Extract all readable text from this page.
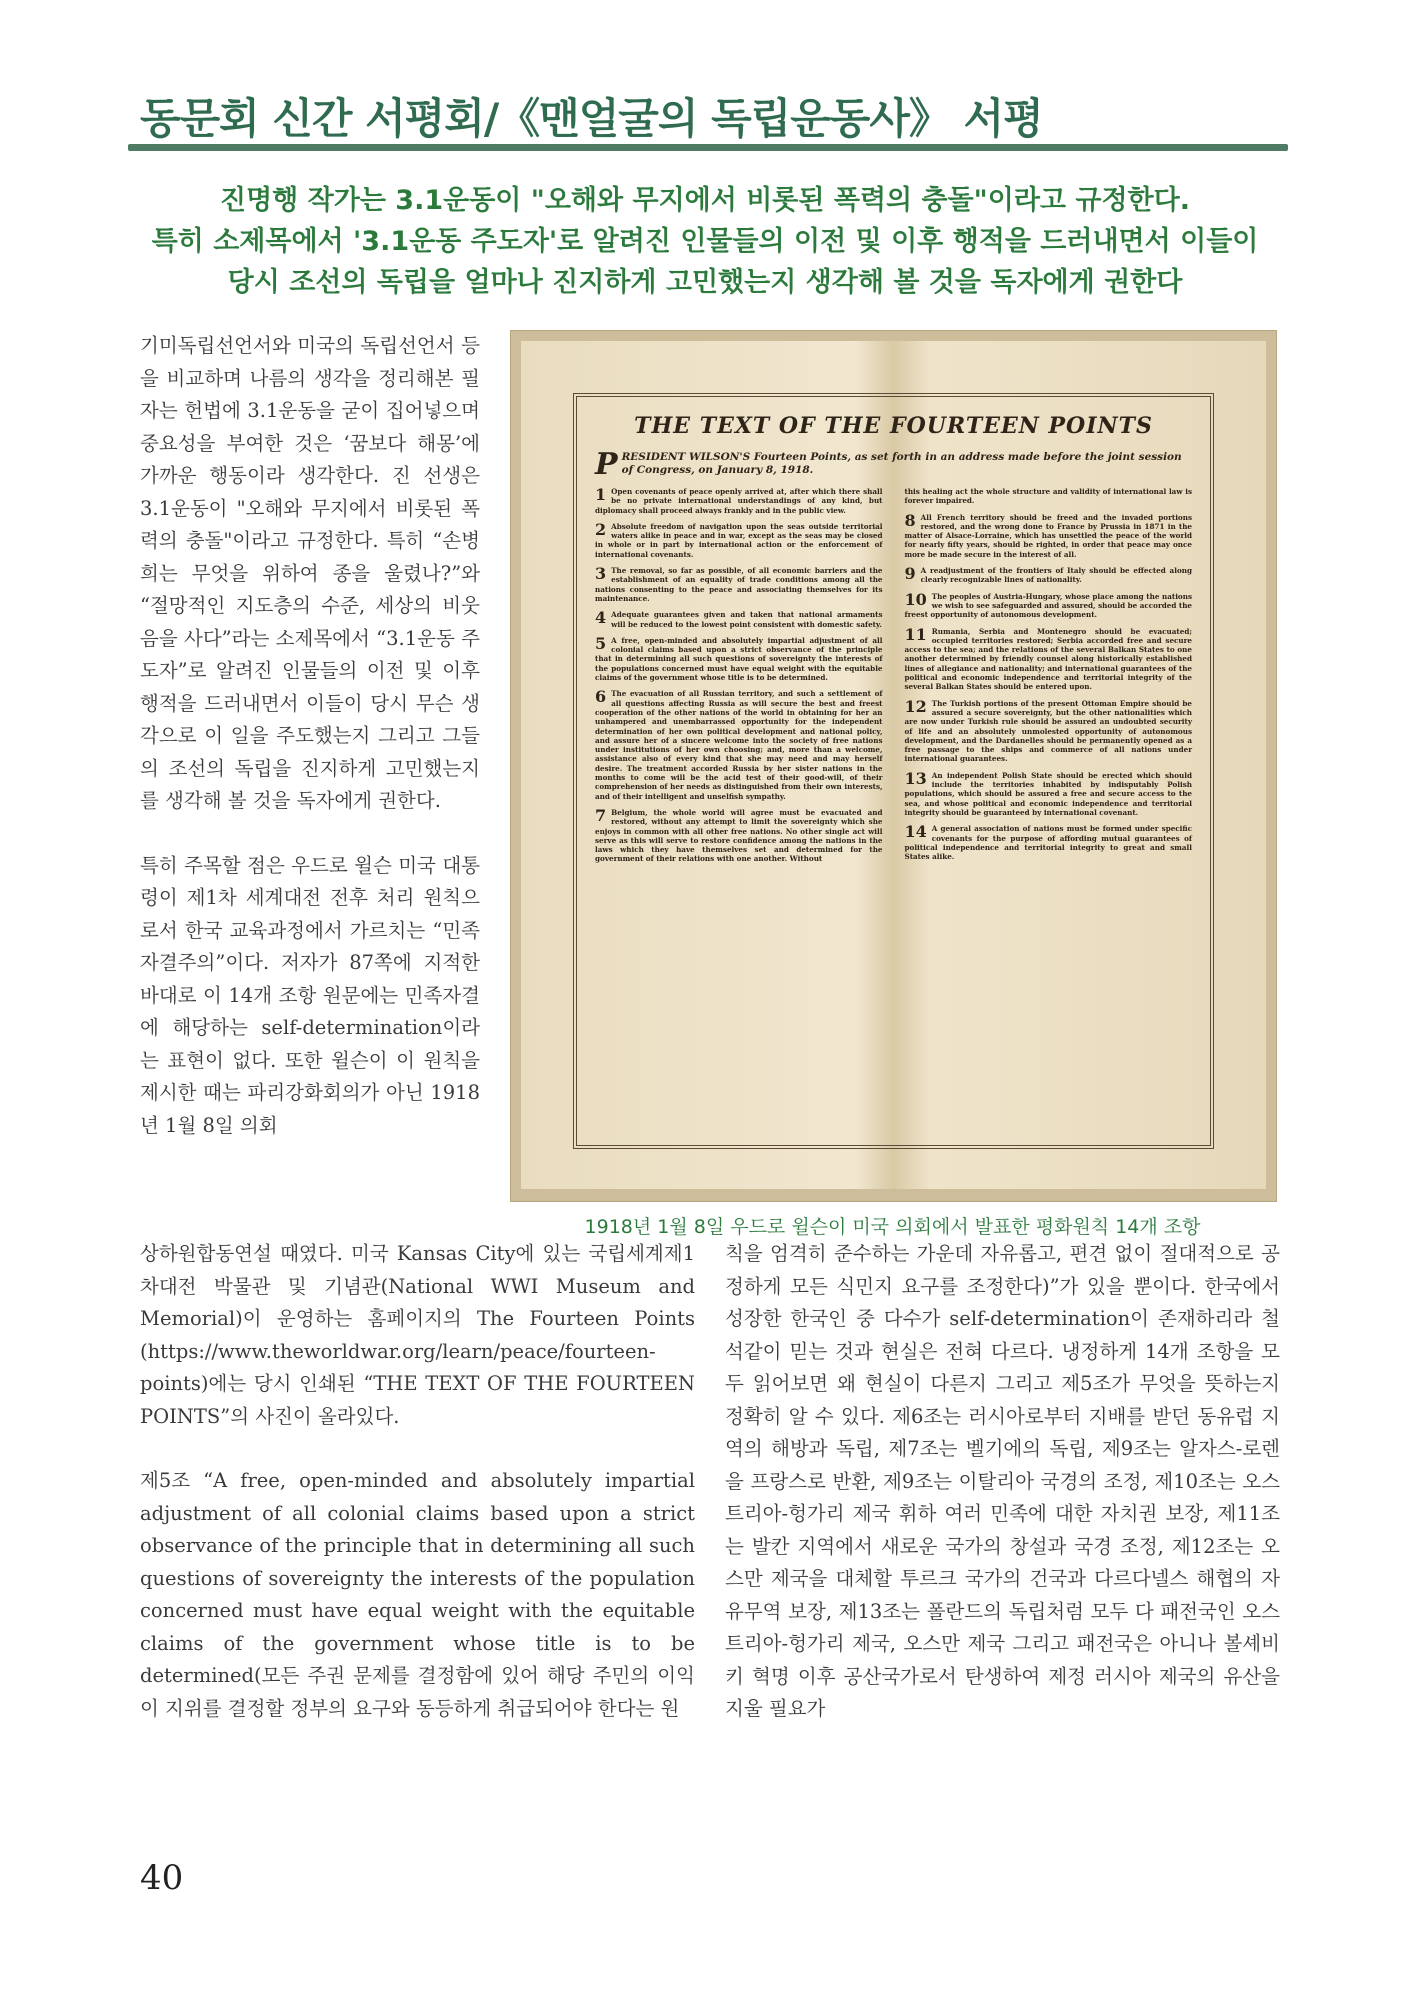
동문회 신간 서평회/《맨얼굴의 독립운동사》 서평
진명행 작가는 3.1운동이 "오해와 무지에서 비롯된 폭력의 충돌"이라고 규정한다.
특히 소제목에서 '3.1운동 주도자'로 알려진 인물들의 이전 및 이후 행적을 드러내면서 이들이
당시 조선의 독립을 얼마나 진지하게 고민했는지 생각해 볼 것을 독자에게 권한다

기미독립선언서와 미국의 독립선언서 등을 비교하며 나름의 생각을 정리해본 필자는 헌법에 3.1운동을 굳이 집어넣으며 중요성을 부여한 것은 ‘꿈보다 해몽’에 가까운 행동이라 생각한다. 진 선생은 3.1운동이 "오해와 무지에서 비롯된 폭력의 충돌"이라고 규정한다. 특히 “손병희는 무엇을 위하여 종을 울렸나?”와 “절망적인 지도층의 수준, 세상의 비웃음을 사다”라는 소제목에서 “3.1운동 주도자”로 알려진 인물들의 이전 및 이후 행적을 드러내면서 이들이 당시 무슨 생각으로 이 일을 주도했는지 그리고 그들의 조선의 독립을 진지하게 고민했는지를 생각해 볼 것을 독자에게 권한다.

특히 주목할 점은 우드로 윌슨 미국 대통령이 제1차 세계대전 전후 처리 원칙으로서 한국 교육과정에서 가르치는 “민족자결주의”이다. 저자가 87쪽에 지적한 바대로 이 14개 조항 원문에는 민족자결에 해당하는 self-determination이라는 표현이 없다. 또한 윌슨이 이 원칙을 제시한 때는 파리강화회의가 아닌 1918년 1월 8일 의회

THE TEXT OF THE FOURTEEN POINTS
P RESIDENT WILSON'S Fourteen Points, as set forth in an address made before the joint session of Congress, on January 8, 1918.
1 Open covenants of peace openly arrived at, after which there shall be no private international understandings of any kind, but diplomacy shall proceed always frankly and in the public view.
2 Absolute freedom of navigation upon the seas outside territorial waters alike in peace and in war, except as the seas may be closed in whole or in part by international action or the enforcement of international covenants.
3 The removal, so far as possible, of all economic barriers and the establishment of an equality of trade conditions among all the nations consenting to the peace and associating themselves for its maintenance.
4 Adequate guarantees given and taken that national armaments will be reduced to the lowest point consistent with domestic safety.
5 A free, open-minded and absolutely impartial adjustment of all colonial claims based upon a strict observance of the principle that in determining all such questions of sovereignty the interests of the populations concerned must have equal weight with the equitable claims of the government whose title is to be determined.
6 The evacuation of all Russian territory, and such a settlement of all questions affecting Russia as will secure the best and freest cooperation of the other nations of the world in obtaining for her an unhampered and unembarrassed opportunity for the independent determination of her own political development and national policy, and assure her of a sincere welcome into the society of free nations under institutions of her own choosing; and, more than a welcome, assistance also of every kind that she may need and may herself desire. The treatment accorded Russia by her sister nations in the months to come will be the acid test of their good-will, of their comprehension of her needs as distinguished from their own interests, and of their intelligent and unselfish sympathy.
7 Belgium, the whole world will agree must be evacuated and restored, without any attempt to limit the sovereignty which she enjoys in common with all other free nations. No other single act will serve as this will serve to restore confidence among the nations in the laws which they have themselves set and determined for the government of their relations with one another. Without
this healing act the whole structure and validity of international law is forever impaired.
8 All French territory should be freed and the invaded portions restored, and the wrong done to France by Prussia in 1871 in the matter of Alsace-Lorraine, which has unsettled the peace of the world for nearly fifty years, should be righted, in order that peace may once more be made secure in the interest of all.
9 A readjustment of the frontiers of Italy should be effected along clearly recognizable lines of nationality.
10 The peoples of Austria-Hungary, whose place among the nations we wish to see safeguarded and assured, should be accorded the freest opportunity of autonomous development.
11 Rumania, Serbia and Montenegro should be evacuated; occupied territories restored; Serbia accorded free and secure access to the sea; and the relations of the several Balkan States to one another determined by friendly counsel along historically established lines of allegiance and nationality; and international guarantees of the political and economic independence and territorial integrity of the several Balkan States should be entered upon.
12 The Turkish portions of the present Ottoman Empire should be assured a secure sovereignty, but the other nationalities which are now under Turkish rule should be assured an undoubted security of life and an absolutely unmolested opportunity of autonomous development, and the Dardanelles should be permanently opened as a free passage to the ships and commerce of all nations under international guarantees.
13 An independent Polish State should be erected which should include the territories inhabited by indisputably Polish populations, which should be assured a free and secure access to the sea, and whose political and economic independence and territorial integrity should be guaranteed by international covenant.
14 A general association of nations must be formed under specific covenants for the purpose of affording mutual guarantees of political independence and territorial integrity to great and small States alike.
1918년 1월 8일 우드로 윌슨이 미국 의회에서 발표한 평화원칙 14개 조항

상하원합동연설 때였다. 미국 Kansas City에 있는 국립세계제1차대전 박물관 및 기념관(National WWI Museum and Memorial)이 운영하는 홈페이지의 The Fourteen Points (https://www.theworldwar.org/learn/peace/fourteen-points)에는 당시 인쇄된 “THE TEXT OF THE FOURTEEN POINTS”의 사진이 올라있다.

제5조 “A free, open-minded and absolutely impartial adjustment of all colonial claims based upon a strict observance of the principle that in determining all such questions of sovereignty the interests of the population concerned must have equal weight with the equitable claims of the government whose title is to be determined(모든 주권 문제를 결정함에 있어 해당 주민의 이익이 지위를 결정할 정부의 요구와 동등하게 취급되어야 한다는 원

칙을 엄격히 준수하는 가운데 자유롭고, 편견 없이 절대적으로 공정하게 모든 식민지 요구를 조정한다)”가 있을 뿐이다. 한국에서 성장한 한국인 중 다수가 self-determination이 존재하리라 철석같이 믿는 것과 현실은 전혀 다르다. 냉정하게 14개 조항을 모두 읽어보면 왜 현실이 다른지 그리고 제5조가 무엇을 뜻하는지 정확히 알 수 있다. 제6조는 러시아로부터 지배를 받던 동유럽 지역의 해방과 독립, 제7조는 벨기에의 독립, 제9조는 알자스-로렌을 프랑스로 반환, 제9조는 이탈리아 국경의 조정, 제10조는 오스트리아-헝가리 제국 휘하 여러 민족에 대한 자치권 보장, 제11조는 발칸 지역에서 새로운 국가의 창설과 국경 조정, 제12조는 오스만 제국을 대체할 투르크 국가의 건국과 다르다넬스 해협의 자유무역 보장, 제13조는 폴란드의 독립처럼 모두 다 패전국인 오스트리아-헝가리 제국, 오스만 제국 그리고 패전국은 아니나 볼셰비키 혁명 이후 공산국가로서 탄생하여 제정 러시아 제국의 유산을 지울 필요가

40
